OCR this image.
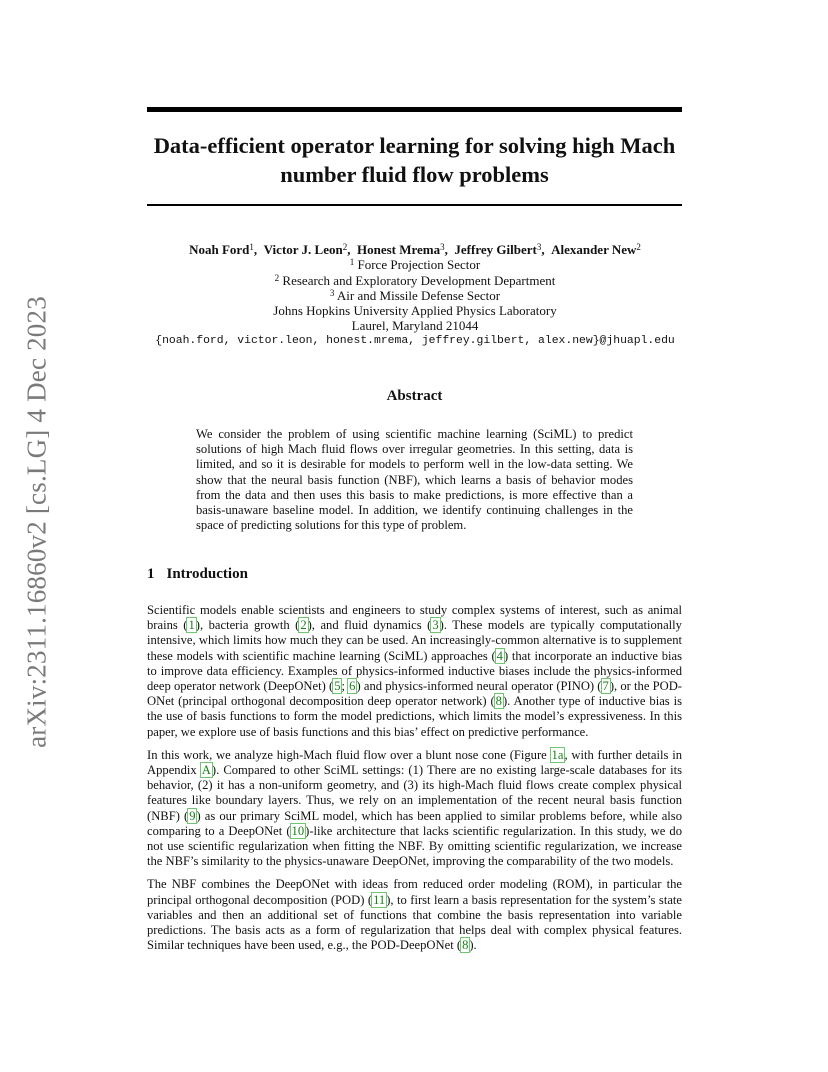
arXiv:2311.16860v2 [cs.LG] 4 Dec 2023
Data-efficient operator learning for solving high Mach number fluid flow problems
Noah Ford$^1$, Victor J. Leon$^2$, Honest Mrema$^3$, Jeffrey Gilbert$^3$, Alexander New$^2$
$^1$ Force Projection Sector
$^2$ Research and Exploratory Development Department
$^3$ Air and Missile Defense Sector
Johns Hopkins University Applied Physics Laboratory
Laurel, Maryland 21044
{noah.ford, victor.leon, honest.mrema, jeffrey.gilbert, alex.new}@jhuapl.edu
Abstract
We consider the problem of using scientific machine learning (SciML) to predict solutions of high Mach fluid flows over irregular geometries. In this setting, data is limited, and so it is desirable for models to perform well in the low-data setting. We show that the neural basis function (NBF), which learns a basis of behavior modes from the data and then uses this basis to make predictions, is more effective than a basis-unaware baseline model. In addition, we identify continuing challenges in the space of predicting solutions for this type of problem.
1 Introduction

Scientific models enable scientists and engineers to study complex systems of interest, such as animal brains (1), bacteria growth (2), and fluid dynamics (3). These models are typically computationally intensive, which limits how much they can be used. An increasingly-common alternative is to supplement these models with scientific machine learning (SciML) approaches (4) that incorporate an inductive bias to improve data efficiency. Examples of physics-informed inductive biases include the physics-informed deep operator network (DeepONet) (5; 6) and physics-informed neural operator (PINO) (7), or the POD-ONet (principal orthogonal decomposition deep operator network) (8). Another type of inductive bias is the use of basis functions to form the model predictions, which limits the model’s expressiveness. In this paper, we explore use of basis functions and this bias’ effect on predictive performance.

In this work, we analyze high-Mach fluid flow over a blunt nose cone (Figure 1a, with further details in Appendix A). Compared to other SciML settings: (1) There are no existing large-scale databases for its behavior, (2) it has a non-uniform geometry, and (3) its high-Mach fluid flows create complex physical features like boundary layers. Thus, we rely on an implementation of the recent neural basis function (NBF) (9) as our primary SciML model, which has been applied to similar problems before, while also comparing to a DeepONet (10)-like architecture that lacks scientific regularization. In this study, we do not use scientific regularization when fitting the NBF. By omitting scientific regularization, we increase the NBF’s similarity to the physics-unaware DeepONet, improving the comparability of the two models.

The NBF combines the DeepONet with ideas from reduced order modeling (ROM), in particular the principal orthogonal decomposition (POD) (11), to first learn a basis representation for the system’s state variables and then an additional set of functions that combine the basis representation into variable predictions. The basis acts as a form of regularization that helps deal with complex physical features. Similar techniques have been used, e.g., the POD-DeepONet (8).
